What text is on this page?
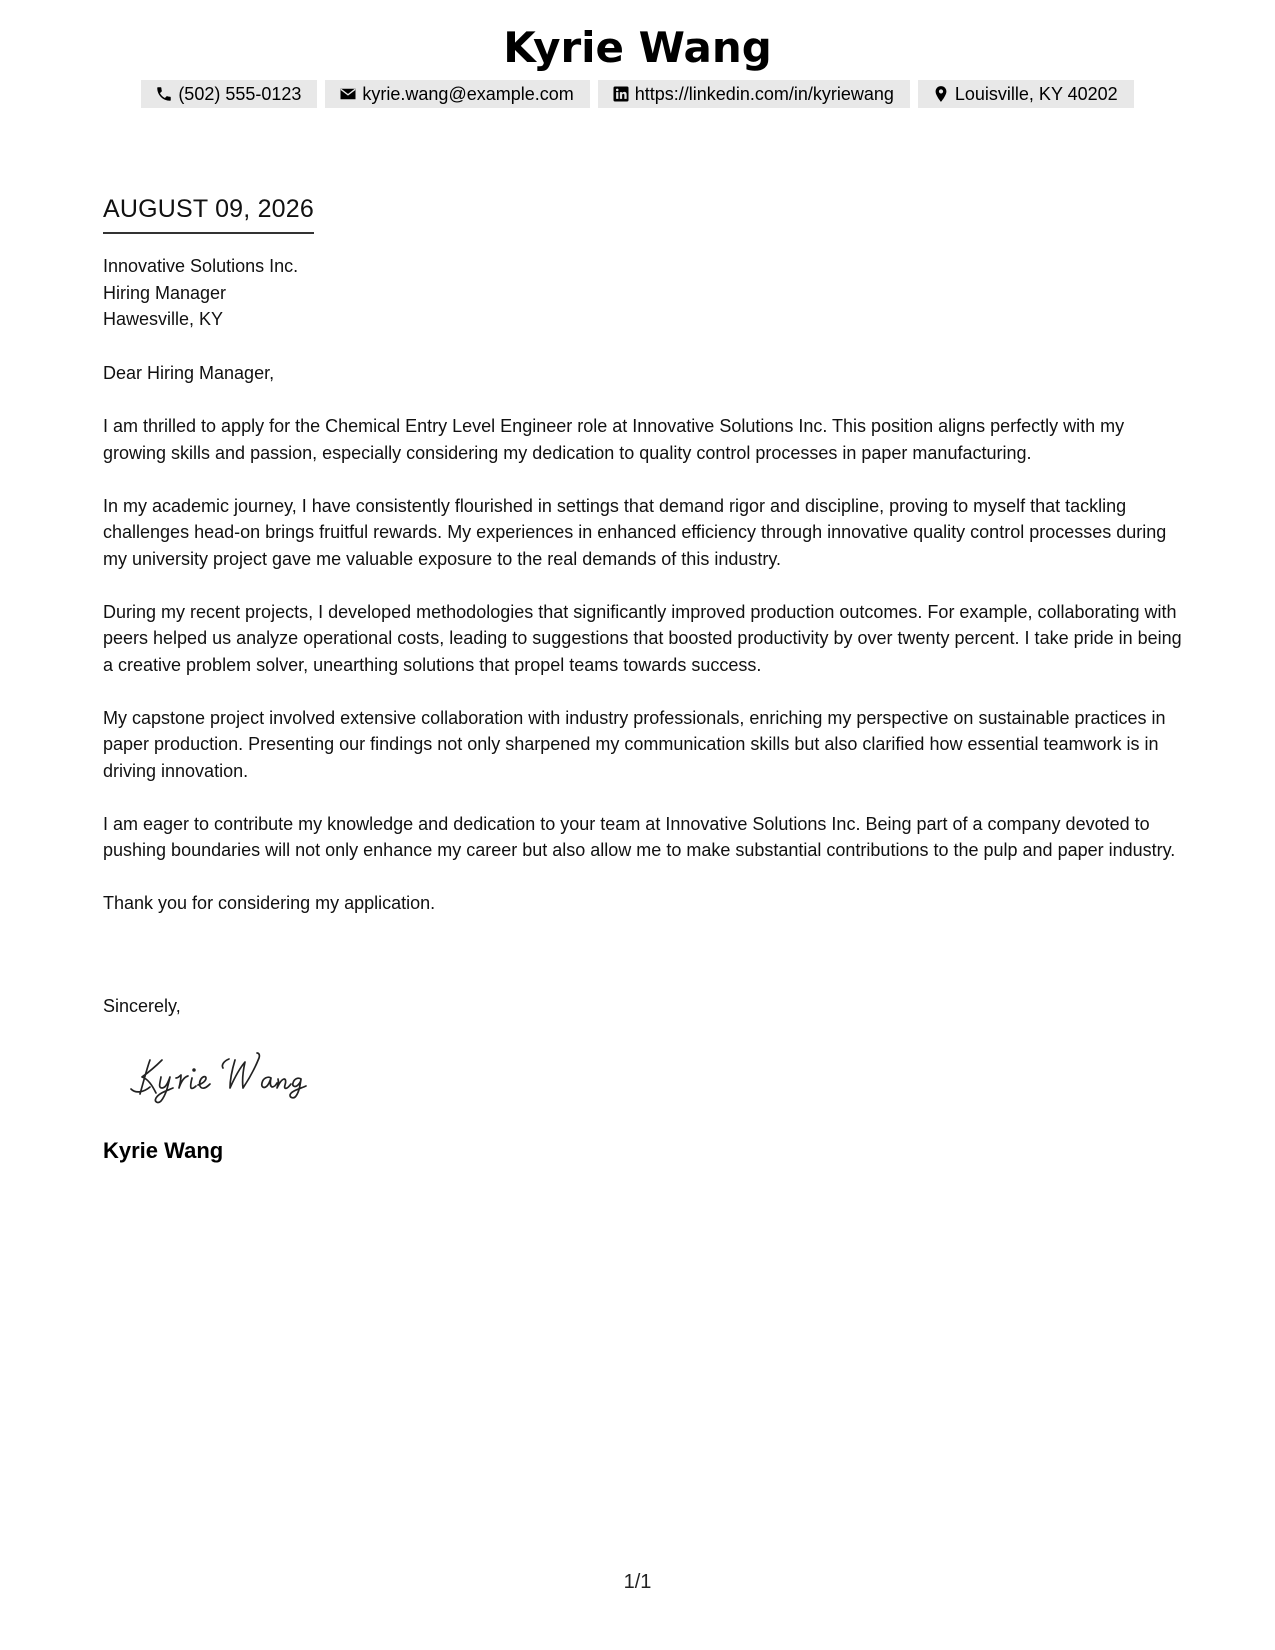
Kyrie Wang
(502) 555-0123	kyrie.wang@example.com	https://linkedin.com/in/kyriewang	Louisville, KY 40202
AUGUST 09, 2026
Innovative Solutions Inc.
Hiring Manager
Hawesville, KY

Dear Hiring Manager,

I am thrilled to apply for the Chemical Entry Level Engineer role at Innovative Solutions Inc. This position aligns perfectly with my growing skills and passion, especially considering my dedication to quality control processes in paper manufacturing.

In my academic journey, I have consistently flourished in settings that demand rigor and discipline, proving to myself that tackling challenges head-on brings fruitful rewards. My experiences in enhanced efficiency through innovative quality control processes during my university project gave me valuable exposure to the real demands of this industry.

During my recent projects, I developed methodologies that significantly improved production outcomes. For example, collaborating with peers helped us analyze operational costs, leading to suggestions that boosted productivity by over twenty percent. I take pride in being a creative problem solver, unearthing solutions that propel teams towards success.

My capstone project involved extensive collaboration with industry professionals, enriching my perspective on sustainable practices in paper production. Presenting our findings not only sharpened my communication skills but also clarified how essential teamwork is in driving innovation.

I am eager to contribute my knowledge and dedication to your team at Innovative Solutions Inc. Being part of a company devoted to pushing boundaries will not only enhance my career but also allow me to make substantial contributions to the pulp and paper industry.

Thank you for considering my application.

Sincerely,
Kyrie Wang
1/1
